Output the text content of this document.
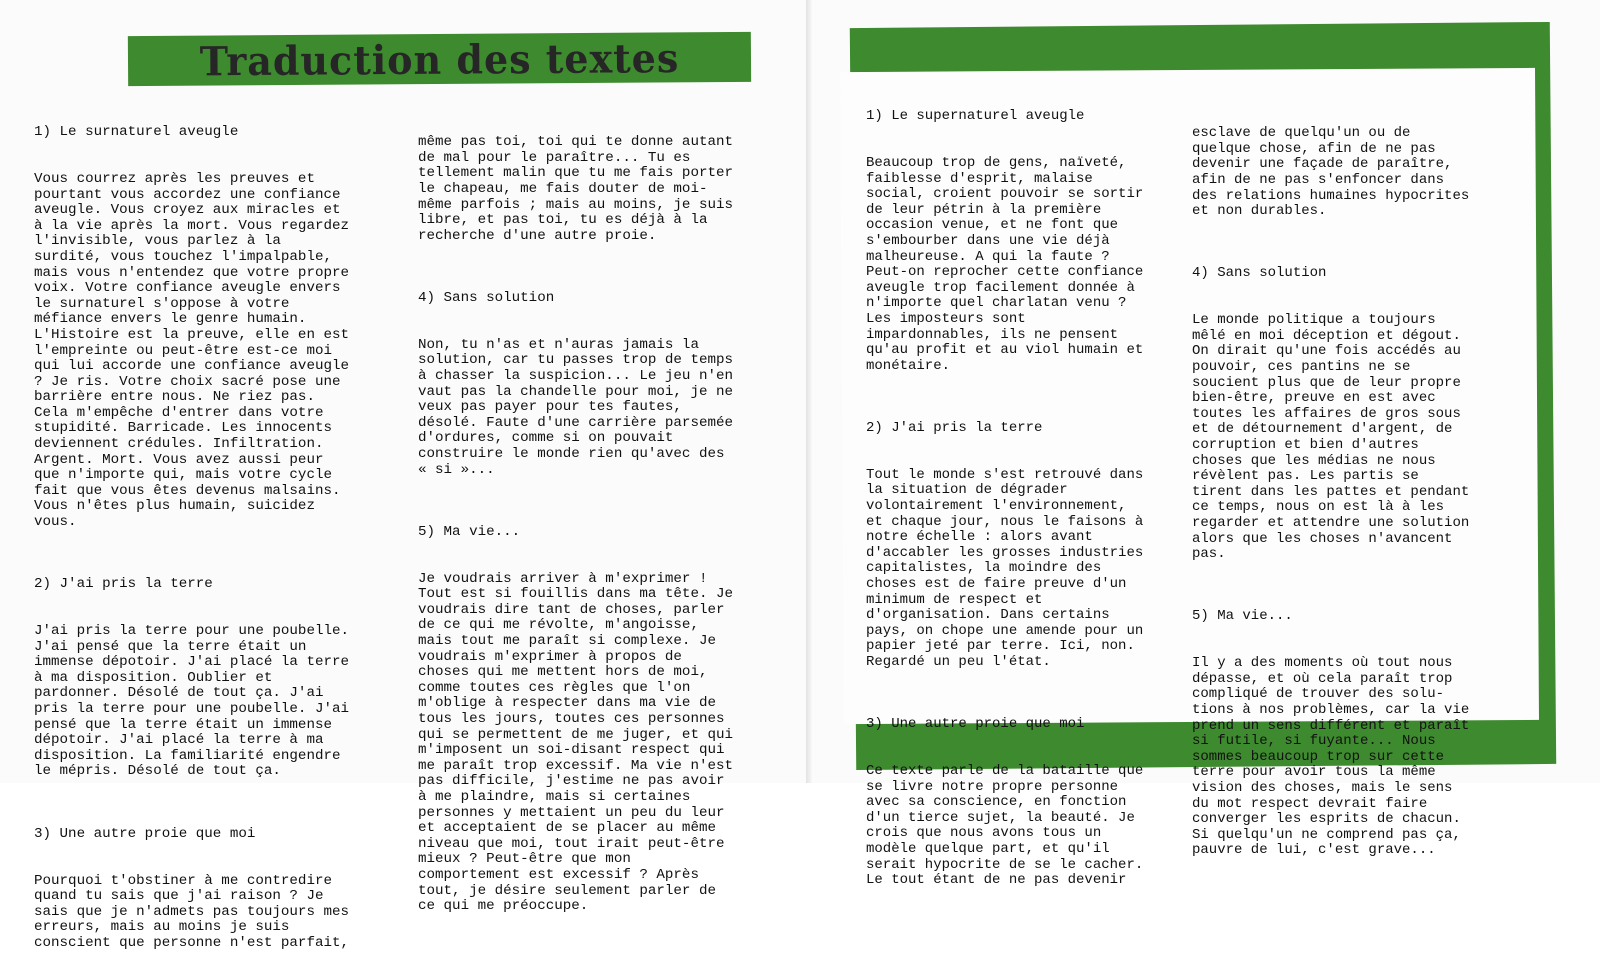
Traduction des textes

1) Le surnaturel aveugle

Vous courrez après les preuves et
pourtant vous accordez une confiance
aveugle. Vous croyez aux miracles et
à la vie après la mort. Vous regardez
l'invisible, vous parlez à la
surdité, vous touchez l'impalpable,
mais vous n'entendez que votre propre
voix. Votre confiance aveugle envers
le surnaturel s'oppose à votre
méfiance envers le genre humain.
L'Histoire est la preuve, elle en est
l'empreinte ou peut-être est-ce moi
qui lui accorde une confiance aveugle
? Je ris. Votre choix sacré pose une
barrière entre nous. Ne riez pas.
Cela m'empêche d'entrer dans votre
stupidité. Barricade. Les innocents
deviennent crédules. Infiltration.
Argent. Mort. Vous avez aussi peur
que n'importe qui, mais votre cycle
fait que vous êtes devenus malsains.
Vous n'êtes plus humain, suicidez
vous.

2) J'ai pris la terre

J'ai pris la terre pour une poubelle.
J'ai pensé que la terre était un
immense dépotoir. J'ai placé la terre
à ma disposition. Oublier et
pardonner. Désolé de tout ça. J'ai
pris la terre pour une poubelle. J'ai
pensé que la terre était un immense
dépotoir. J'ai placé la terre à ma
disposition. La familiarité engendre
le mépris. Désolé de tout ça.

3) Une autre proie que moi

Pourquoi t'obstiner à me contredire
quand tu sais que j'ai raison ? Je
sais que je n'admets pas toujours mes
erreurs, mais au moins je suis
conscient que personne n'est parfait,

même pas toi, toi qui te donne autant
de mal pour le paraître... Tu es
tellement malin que tu me fais porter
le chapeau, me fais douter de moi-
même parfois ; mais au moins, je suis
libre, et pas toi, tu es déjà à la
recherche d'une autre proie.

4) Sans solution

Non, tu n'as et n'auras jamais la
solution, car tu passes trop de temps
à chasser la suspicion... Le jeu n'en
vaut pas la chandelle pour moi, je ne
veux pas payer pour tes fautes,
désolé. Faute d'une carrière parsemée
d'ordures, comme si on pouvait
construire le monde rien qu'avec des
« si »...

5) Ma vie...

Je voudrais arriver à m'exprimer !
Tout est si fouillis dans ma tête. Je
voudrais dire tant de choses, parler
de ce qui me révolte, m'angoisse,
mais tout me paraît si complexe. Je
voudrais m'exprimer à propos de
choses qui me mettent hors de moi,
comme toutes ces règles que l'on
m'oblige à respecter dans ma vie de
tous les jours, toutes ces personnes
qui se permettent de me juger, et qui
m'imposent un soi-disant respect qui
me paraît trop excessif. Ma vie n'est
pas difficile, j'estime ne pas avoir
à me plaindre, mais si certaines
personnes y mettaient un peu du leur
et acceptaient de se placer au même
niveau que moi, tout irait peut-être
mieux ? Peut-être que mon
comportement est excessif ? Après
tout, je désire seulement parler de
ce qui me préoccupe.

1) Le supernaturel aveugle

Beaucoup trop de gens, naïveté,
faiblesse d'esprit, malaise
social, croient pouvoir se sortir
de leur pétrin à la première
occasion venue, et ne font que
s'embourber dans une vie déjà
malheureuse. A qui la faute ?
Peut-on reprocher cette confiance
aveugle trop facilement donnée à
n'importe quel charlatan venu ?
Les imposteurs sont
impardonnables, ils ne pensent
qu'au profit et au viol humain et
monétaire.

2) J'ai pris la terre

Tout le monde s'est retrouvé dans
la situation de dégrader
volontairement l'environnement,
et chaque jour, nous le faisons à
notre échelle : alors avant
d'accabler les grosses industries
capitalistes, la moindre des
choses est de faire preuve d'un
minimum de respect et
d'organisation. Dans certains
pays, on chope une amende pour un
papier jeté par terre. Ici, non.
Regardé un peu l'état.

3) Une autre proie que moi

Ce texte parle de la bataille que
se livre notre propre personne
avec sa conscience, en fonction
d'un tierce sujet, la beauté. Je
crois que nous avons tous un
modèle quelque part, et qu'il
serait hypocrite de se le cacher.
Le tout étant de ne pas devenir

esclave de quelqu'un ou de
quelque chose, afin de ne pas
devenir une façade de paraître,
afin de ne pas s'enfoncer dans
des relations humaines hypocrites
et non durables.

4) Sans solution

Le monde politique a toujours
mêlé en moi déception et dégout.
On dirait qu'une fois accédés au
pouvoir, ces pantins ne se
soucient plus que de leur propre
bien-être, preuve en est avec
toutes les affaires de gros sous
et de détournement d'argent, de
corruption et bien d'autres
choses que les médias ne nous
révèlent pas. Les partis se
tirent dans les pattes et pendant
ce temps, nous on est là à les
regarder et attendre une solution
alors que les choses n'avancent
pas.

5) Ma vie...

Il y a des moments où tout nous
dépasse, et où cela paraît trop
compliqué de trouver des solu-
tions à nos problèmes, car la vie
prend un sens différent et paraît
si futile, si fuyante... Nous
sommes beaucoup trop sur cette
terre pour avoir tous la même
vision des choses, mais le sens
du mot respect devrait faire
converger les esprits de chacun.
Si quelqu'un ne comprend pas ça,
pauvre de lui, c'est grave...
